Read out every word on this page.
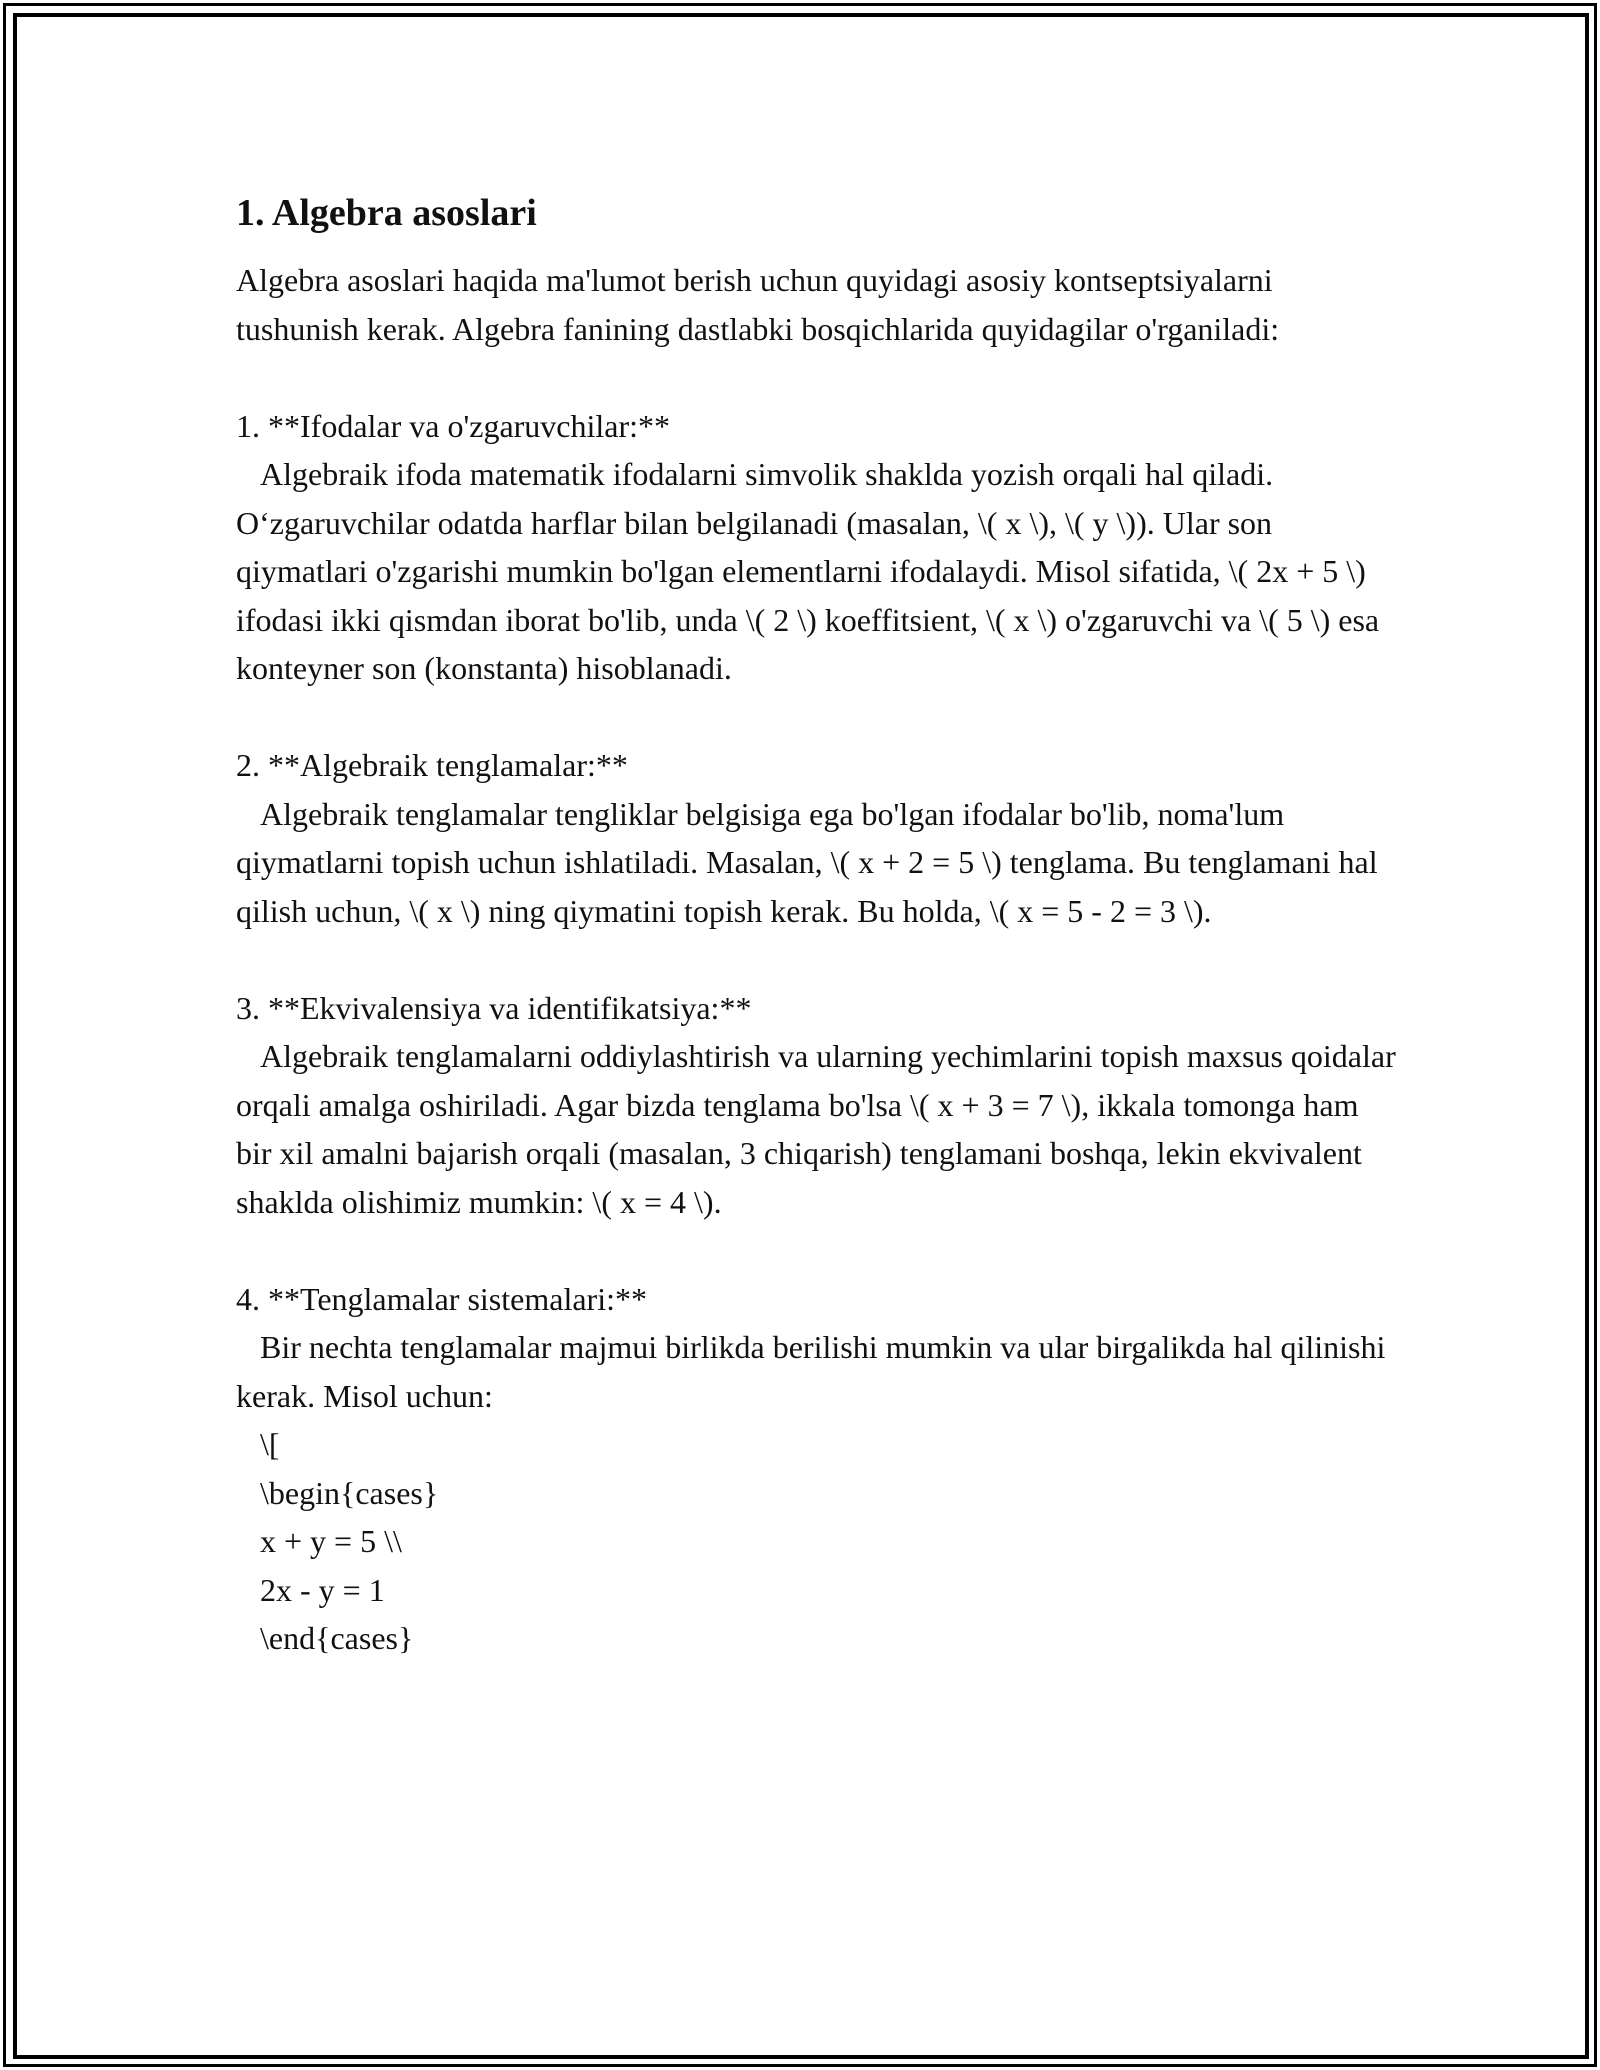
1. Algebra asoslari

Algebra asoslari haqida ma'lumot berish uchun quyidagi asosiy kontseptsiyalarni tushunish kerak. Algebra fanining dastlabki bosqichlarida quyidagilar o'rganiladi:

1. **Ifodalar va o'zgaruvchilar:**

Algebraik ifoda matematik ifodalarni simvolik shaklda yozish orqali hal qiladi. O‘zgaruvchilar odatda harflar bilan belgilanadi (masalan, \( x \), \( y \)). Ular son qiymatlari o'zgarishi mumkin bo'lgan elementlarni ifodalaydi. Misol sifatida, \( 2x + 5 \) ifodasi ikki qismdan iborat bo'lib, unda \( 2 \) koeffitsient, \( x \) o'zgaruvchi va \( 5 \) esa konteyner son (konstanta) hisoblanadi.

2. **Algebraik tenglamalar:**

Algebraik tenglamalar tengliklar belgisiga ega bo'lgan ifodalar bo'lib, noma'lum qiymatlarni topish uchun ishlatiladi. Masalan, \( x + 2 = 5 \) tenglama. Bu tenglamani hal qilish uchun, \( x \) ning qiymatini topish kerak. Bu holda, \( x = 5 - 2 = 3 \).

3. **Ekvivalensiya va identifikatsiya:**

Algebraik tenglamalarni oddiylashtirish va ularning yechimlarini topish maxsus qoidalar orqali amalga oshiriladi. Agar bizda tenglama bo'lsa \( x + 3 = 7 \), ikkala tomonga ham bir xil amalni bajarish orqali (masalan, 3 chiqarish) tenglamani boshqa, lekin ekvivalent shaklda olishimiz mumkin: \( x = 4 \).

4. **Tenglamalar sistemalari:**

Bir nechta tenglamalar majmui birlikda berilishi mumkin va ular birgalikda hal qilinishi kerak. Misol uchun:
\[
\begin{cases}
x + y = 5 \\
2x - y = 1
\end{cases}
